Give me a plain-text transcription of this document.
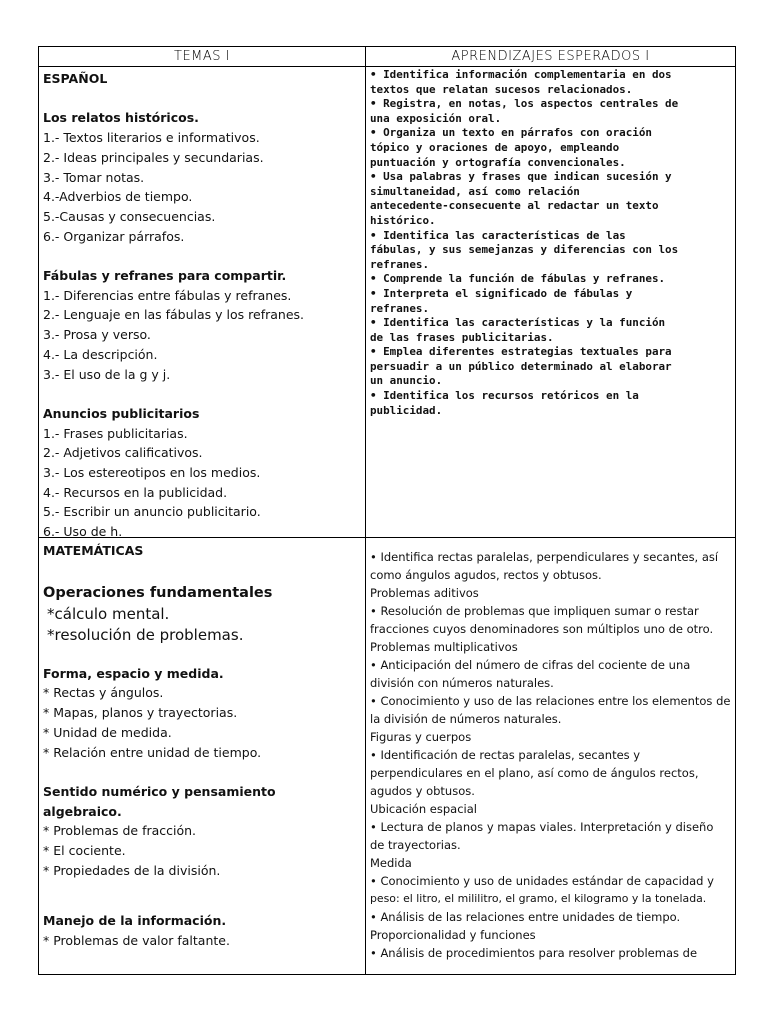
TEMAS I	APRENDIZAJES ESPERADOS I
ESPAÑOL
Los relatos históricos.
1.- Textos literarios e informativos.
2.- Ideas principales y secundarias.
3.- Tomar notas.
4.-Adverbios de tiempo.
5.-Causas y consecuencias.
6.- Organizar párrafos.
Fábulas y refranes para compartir.
1.- Diferencias entre fábulas y refranes.
2.- Lenguaje en las fábulas y los refranes.
3.- Prosa y verso.
4.- La descripción.
3.- El uso de la g y j.
Anuncios publicitarios
1.- Frases publicitarias.
2.- Adjetivos calificativos.
3.- Los estereotipos en los medios.
4.- Recursos en la publicidad.
5.- Escribir un anuncio publicitario.
6.- Uso de h.
• Identifica información complementaria en dos
textos que relatan sucesos relacionados.
• Registra, en notas, los aspectos centrales de
una exposición oral.
• Organiza un texto en párrafos con oración
tópico y oraciones de apoyo, empleando
puntuación y ortografía convencionales.
• Usa palabras y frases que indican sucesión y
simultaneidad, así como relación
antecedente-consecuente al redactar un texto
histórico.
• Identifica las características de las
fábulas, y sus semejanzas y diferencias con los
refranes.
• Comprende la función de fábulas y refranes.
• Interpreta el significado de fábulas y
refranes.
• Identifica las características y la función
de las frases publicitarias.
• Emplea diferentes estrategias textuales para
persuadir a un público determinado al elaborar
un anuncio.
• Identifica los recursos retóricos en la
publicidad.
MATEMÁTICAS
Operaciones fundamentales
*cálculo mental.
*resolución de problemas.
Forma, espacio y medida.
* Rectas y ángulos.
* Mapas, planos y trayectorias.
* Unidad de medida.
* Relación entre unidad de tiempo.
Sentido numérico y pensamiento
algebraico.
* Problemas de fracción.
* El cociente.
* Propiedades de la división.
Manejo de la información.
* Problemas de valor faltante.
• Identifica rectas paralelas, perpendiculares y secantes, así
como ángulos agudos, rectos y obtusos.
Problemas aditivos
• Resolución de problemas que impliquen sumar o restar
fracciones cuyos denominadores son múltiplos uno de otro.
Problemas multiplicativos
• Anticipación del número de cifras del cociente de una
división con números naturales.
• Conocimiento y uso de las relaciones entre los elementos de
la división de números naturales.
Figuras y cuerpos
• Identificación de rectas paralelas, secantes y
perpendiculares en el plano, así como de ángulos rectos,
agudos y obtusos.
Ubicación espacial
• Lectura de planos y mapas viales. Interpretación y diseño
de trayectorias.
Medida
• Conocimiento y uso de unidades estándar de capacidad y
peso: el litro, el mililitro, el gramo, el kilogramo y la tonelada.
• Análisis de las relaciones entre unidades de tiempo.
Proporcionalidad y funciones
• Análisis de procedimientos para resolver problemas de
